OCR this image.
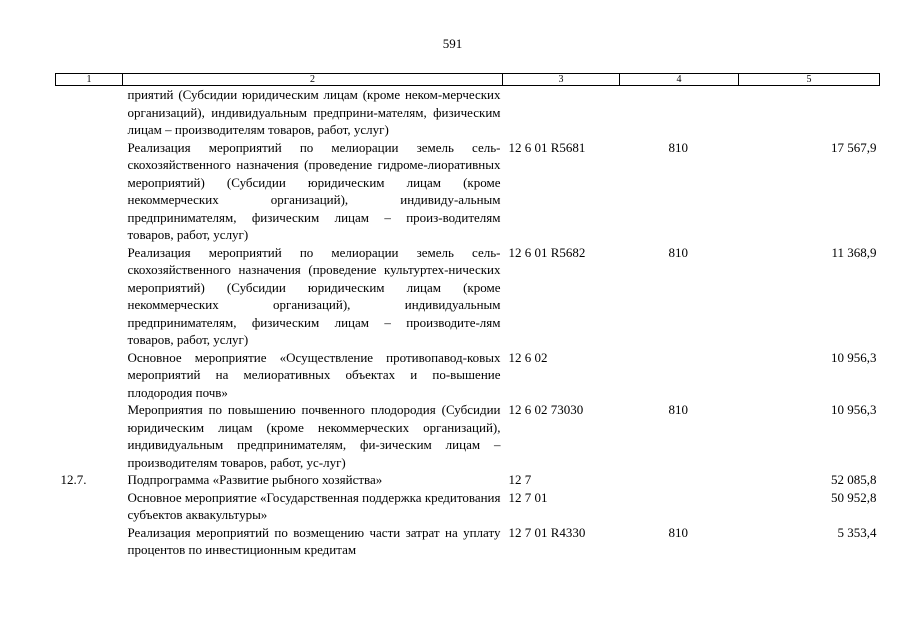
591
1	2	3	4	5
	приятий (Субсидии юридическим лицам (кроме неком-мерческих организаций), индивидуальным предприни-мателям, физическим лицам – производителям товаров, работ, услуг)			
	Реализация мероприятий по мелиорации земель сель-скохозяйственного назначения (проведение гидроме-лиоративных мероприятий) (Субсидии юридическим лицам (кроме некоммерческих организаций), индивиду-альным предпринимателям, физическим лицам – произ-водителям товаров, работ, услуг)	12 6 01 R5681	810	17 567,9
	Реализация мероприятий по мелиорации земель сель-скохозяйственного назначения (проведение культуртех-нических мероприятий) (Субсидии юридическим лицам (кроме некоммерческих организаций), индивидуальным предпринимателям, физическим лицам – производите-лям товаров, работ, услуг)	12 6 01 R5682	810	11 368,9
	Основное мероприятие «Осуществление противопавод-ковых мероприятий на мелиоративных объектах и по-вышение плодородия почв»	12 6 02		10 956,3
	Мероприятия по повышению почвенного плодородия (Субсидии юридическим лицам (кроме некоммерческих организаций), индивидуальным предпринимателям, фи-зическим лицам – производителям товаров, работ, ус-луг)	12 6 02 73030	810	10 956,3
12.7.	Подпрограмма «Развитие рыбного хозяйства»	12 7		52 085,8
	Основное мероприятие «Государственная поддержка кредитования субъектов аквакультуры»	12 7 01		50 952,8
	Реализация мероприятий по возмещению части затрат на уплату процентов по инвестиционным кредитам	12 7 01 R4330	810	5 353,4
